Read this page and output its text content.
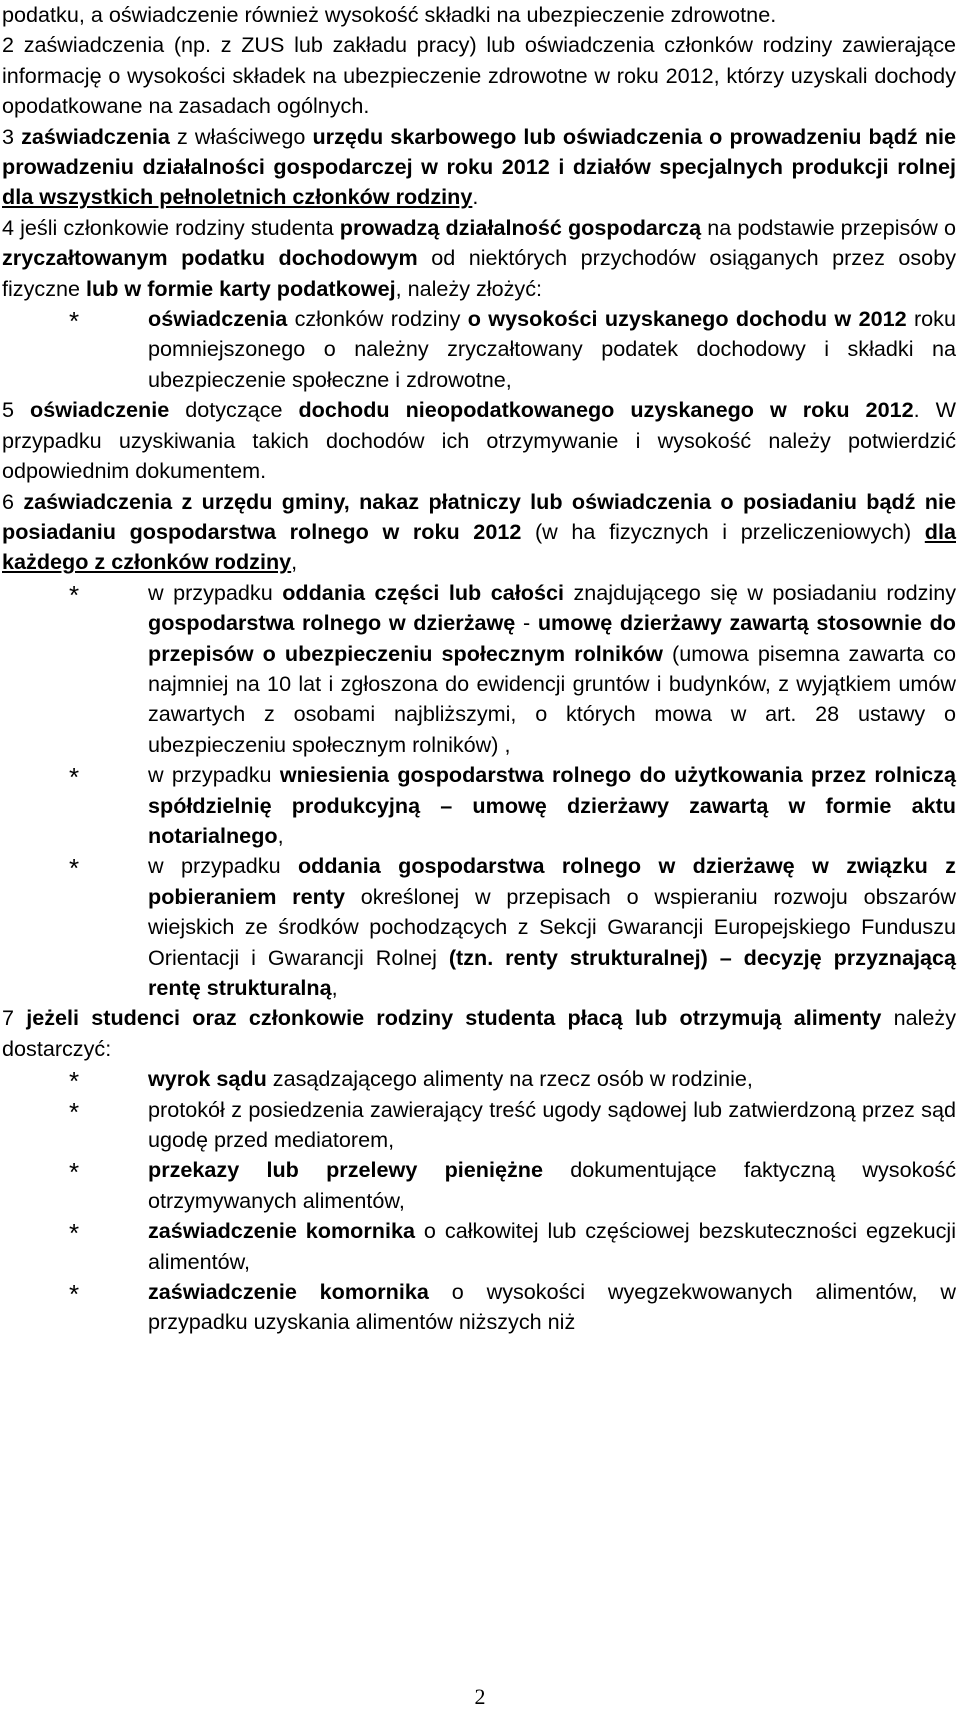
podatku, a oświadczenie również wysokość składki na ubezpieczenie zdrowotne.
2 zaświadczenia (np. z ZUS lub zakładu pracy) lub oświadczenia członków rodziny zawierające informację o wysokości składek na ubezpieczenie zdrowotne w roku 2012, którzy uzyskali dochody opodatkowane na zasadach ogólnych.
3 zaświadczenia z właściwego urzędu skarbowego lub oświadczenia o prowadzeniu bądź nie prowadzeniu działalności gospodarczej w roku 2012 i działów specjalnych produkcji rolnej dla wszystkich pełnoletnich członków rodziny.
4 jeśli członkowie rodziny studenta prowadzą działalność gospodarczą na podstawie przepisów o zryczałtowanym podatku dochodowym od niektórych przychodów osiąganych przez osoby fizyczne lub w formie karty podatkowej, należy złożyć:
*	oświadczenia członków rodziny o wysokości uzyskanego dochodu w 2012 roku pomniejszonego o należny zryczałtowany podatek dochodowy i składki na ubezpieczenie społeczne i zdrowotne,
5 oświadczenie dotyczące dochodu nieopodatkowanego uzyskanego w roku 2012. W przypadku uzyskiwania takich dochodów ich otrzymywanie i wysokość należy potwierdzić odpowiednim dokumentem.
6 zaświadczenia z urzędu gminy, nakaz płatniczy lub oświadczenia o posiadaniu bądź nie posiadaniu gospodarstwa rolnego w roku 2012 (w ha fizycznych i przeliczeniowych) dla każdego z członków rodziny,
*	w przypadku oddania części lub całości znajdującego się w posiadaniu rodziny gospodarstwa rolnego w dzierżawę - umowę dzierżawy zawartą stosownie do przepisów o ubezpieczeniu społecznym rolników (umowa pisemna zawarta co najmniej na 10 lat i zgłoszona do ewidencji gruntów i budynków, z wyjątkiem umów zawartych z osobami najbliższymi, o których mowa w art. 28 ustawy o ubezpieczeniu społecznym rolników) ,
*	w przypadku wniesienia gospodarstwa rolnego do użytkowania przez rolniczą spółdzielnię produkcyjną – umowę dzierżawy zawartą w formie aktu notarialnego,
*	w przypadku oddania gospodarstwa rolnego w dzierżawę w związku z pobieraniem renty określonej w przepisach o wspieraniu rozwoju obszarów wiejskich ze środków pochodzących z Sekcji Gwarancji Europejskiego Funduszu Orientacji i Gwarancji Rolnej (tzn. renty strukturalnej) – decyzję przyznającą rentę strukturalną,
7 jeżeli studenci oraz członkowie rodziny studenta płacą lub otrzymują alimenty należy dostarczyć:
*	wyrok sądu zasądzającego alimenty na rzecz osób w rodzinie,
*	protokół z posiedzenia zawierający treść ugody sądowej lub zatwierdzoną przez sąd ugodę przed mediatorem,
*	przekazy lub przelewy pieniężne dokumentujące faktyczną wysokość otrzymywanych alimentów,
*	zaświadczenie komornika o całkowitej lub częściowej bezskuteczności egzekucji alimentów,
*	zaświadczenie komornika o wysokości wyegzekwowanych alimentów, w przypadku uzyskania alimentów niższych niż
2
